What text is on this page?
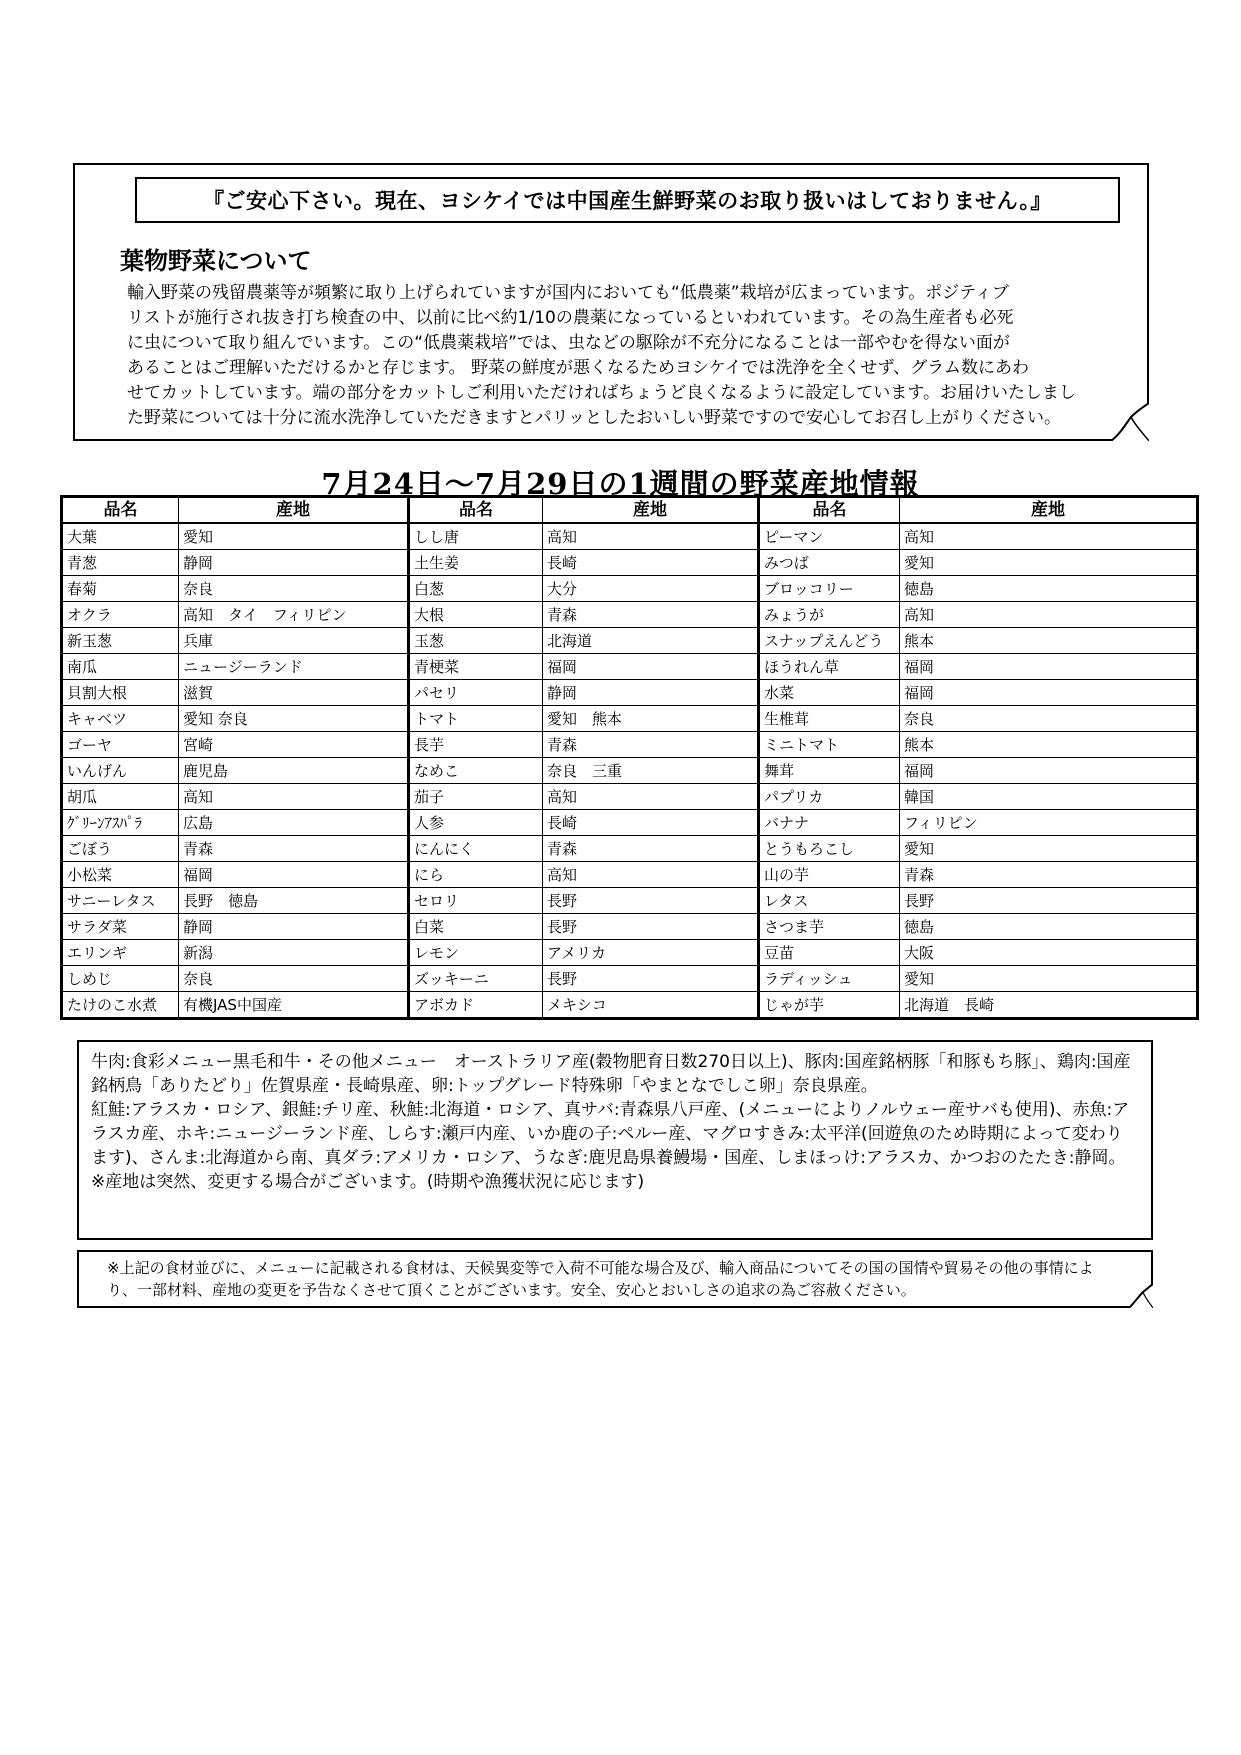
『ご安心下さい。現在、ヨシケイでは中国産生鮮野菜のお取り扱いはしておりません。』
葉物野菜について
輸入野菜の残留農薬等が頻繁に取り上げられていますが国内においても“低農薬”栽培が広まっています。ポジティブ
リストが施行され抜き打ち検査の中、以前に比べ約1/10の農薬になっているといわれています。その為生産者も必死
に虫について取り組んでいます。この“低農薬栽培”では、虫などの駆除が不充分になることは一部やむを得ない面が
あることはご理解いただけるかと存じます。 野菜の鮮度が悪くなるためヨシケイでは洗浄を全くせず、グラム数にあわ
せてカットしています。端の部分をカットしご利用いただければちょうど良くなるように設定しています。お届けいたしまし
た野菜については十分に流水洗浄していただきますとパリッとしたおいしい野菜ですので安心してお召し上がりください。
7月24日～7月29日の1週間の野菜産地情報
品名	産地	品名	産地	品名	産地
大葉	愛知	しし唐	高知	ピーマン	高知
青葱	静岡	土生姜	長崎	みつば	愛知
春菊	奈良	白葱	大分	ブロッコリー	徳島
オクラ	高知　タイ　フィリピン	大根	青森	みょうが	高知
新玉葱	兵庫	玉葱	北海道	スナップえんどう	熊本
南瓜	ニュージーランド	青梗菜	福岡	ほうれん草	福岡
貝割大根	滋賀	パセリ	静岡	水菜	福岡
キャベツ	愛知 奈良	トマト	愛知　熊本	生椎茸	奈良
ゴーヤ	宮崎	長芋	青森	ミニトマト	熊本
いんげん	鹿児島	なめこ	奈良　三重	舞茸	福岡
胡瓜	高知	茄子	高知	パプリカ	韓国
ｸﾞﾘｰﾝｱｽﾊﾟﾗ	広島	人参	長崎	バナナ	フィリピン
ごぼう	青森	にんにく	青森	とうもろこし	愛知
小松菜	福岡	にら	高知	山の芋	青森
サニーレタス	長野　徳島	セロリ	長野	レタス	長野
サラダ菜	静岡	白菜	長野	さつま芋	徳島
エリンギ	新潟	レモン	アメリカ	豆苗	大阪
しめじ	奈良	ズッキーニ	長野	ラディッシュ	愛知
たけのこ水煮	有機JAS中国産	アボカド	メキシコ	じゃが芋	北海道　長崎

牛肉:食彩メニュー黒毛和牛・その他メニュー　オーストラリア産(穀物肥育日数270日以上)、豚肉:国産銘柄豚「和豚もち豚」、鶏肉:国産銘柄鳥「ありたどり」佐賀県産・長崎県産、卵:トップグレード特殊卵「やまとなでしこ卵」奈良県産。

紅鮭:アラスカ・ロシア、銀鮭:チリ産、秋鮭:北海道・ロシア、真サバ:青森県八戸産、(メニューによりノルウェー産サバも使用)、赤魚:アラスカ産、ホキ:ニュージーランド産、しらす:瀬戸内産、いか鹿の子:ペルー産、マグロすきみ:太平洋(回遊魚のため時期によって変わります)、さんま:北海道から南、真ダラ:アメリカ・ロシア、うなぎ:鹿児島県養鰻場・国産、しまほっけ:アラスカ、かつおのたたき:静岡。

※産地は突然、変更する場合がございます。(時期や漁獲状況に応じます)

※上記の食材並びに、メニューに記載される食材は、天候異変等で入荷不可能な場合及び、輸入商品についてその国の国情や貿易その他の事情により、一部材料、産地の変更を予告なくさせて頂くことがございます。安全、安心とおいしさの追求の為ご容赦ください。
